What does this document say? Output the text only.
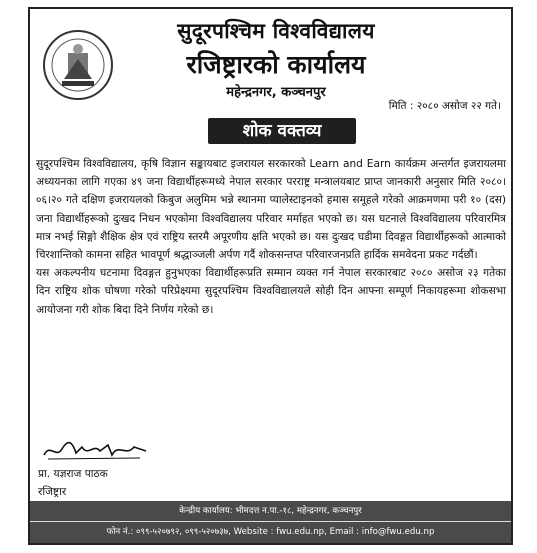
सुदूरपश्चिम विश्वविद्यालय
रजिष्ट्रारको कार्यालय
महेन्द्रनगर, कञ्चनपुर
मिति : २०८० असोज २२ गते।
शोक वक्तव्य

सुदूरपश्चिम विश्वविद्यालय, कृषि विज्ञान सङ्कायबाट इजरायल सरकारको Learn and Earn कार्यक्रम अन्तर्गत इजरायलमा अध्ययनका लागि गएका ४९ जना विद्यार्थीहरूमध्ये नेपाल सरकार परराष्ट्र मन्त्रालयबाट प्राप्त जानकारी अनुसार मिति २०८०।०६।२० गते दक्षिण इजरायलको किबुज अलुमिम भन्ने स्थानमा प्यालेस्टाइनको हमास समूहले गरेको आक्रमणमा परी १० (दस) जना विद्यार्थीहरूको दुःखद निधन भएकोमा विश्वविद्यालय परिवार मर्माहत भएको छ। यस घटनाले विश्वविद्यालय परिवारमित्र मात्र नभई सिङ्गो शैक्षिक क्षेत्र एवं राष्ट्रिय स्तरमै अपूरणीय क्षति भएको छ। यस दुःखद घडीमा दिवङ्गत विद्यार्थीहरूको आत्माको चिरशान्तिको कामना सहित भावपूर्ण श्रद्धाञ्जली अर्पण गर्दै शोकसन्तप्त परिवारजनप्रति हार्दिक समवेदना प्रकट गर्दछौं।

यस अकल्पनीय घटनामा दिवङ्गत हुनुभएका विद्यार्थीहरूप्रति सम्मान व्यक्त गर्न नेपाल सरकारबाट २०८० असोज २३ गतेका दिन राष्ट्रिय शोक घोषणा गरेको परिप्रेक्ष्यमा सुदूरपश्चिम विश्वविद्यालयले सोही दिन आफ्ना सम्पूर्ण निकायहरूमा शोकसभा आयोजना गरी शोक बिदा दिने निर्णय गरेको छ।

प्रा. यज्ञराज पाठक
रजिष्ट्रार
केन्द्रीय कार्यालय: भीमदत्त न.पा.-१८, महेन्द्रनगर, कञ्चनपुर
फोन नं.: ०९९-५२०७९२, ०९९-५२०७३७, Website : fwu.edu.np, Email : info@fwu.edu.np
